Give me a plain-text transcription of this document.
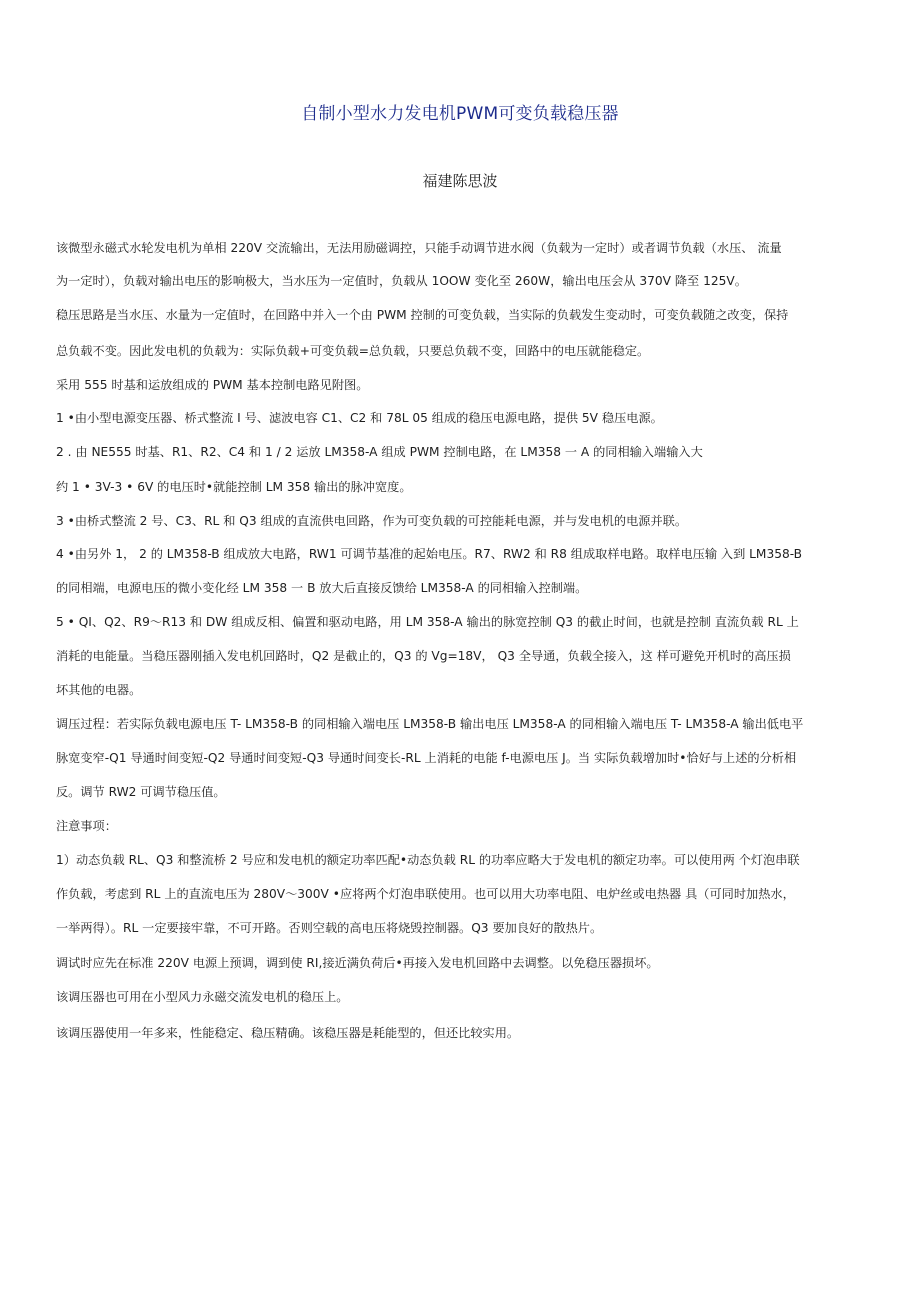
自制小型水力发电机PWM可变负载稳压器
福建陈思波
该微型永磁式水轮发电机为单相 220V 交流输出，无法用励磁调控，只能手动调节进水阀（负载为一定时）或者调节负载（水压、 流量
为一定时），负载对输出电压的影响极大，当水压为一定值时，负载从 1OOW 变化至 260W，输出电压会从 370V 降至 125V。
稳压思路是当水压、水量为一定值时，在回路中并入一个由 PWM 控制的可变负载，当实际的负载发生变动时，可变负载随之改变，保持
总负载不变。因此发电机的负载为：实际负载+可变负载=总负载，只要总负载不变，回路中的电压就能稳定。
采用 555 时基和运放组成的 PWM 基本控制电路见附图。
1 •由小型电源变压器、桥式整流 I 号、滤波电容 C1、C2 和 78L 05 组成的稳压电源电路，提供 5V 稳压电源。
2 . 由 NE555 时基、R1、R2、C4 和 1 / 2 运放 LM358-A 组成 PWM 控制电路，在 LM358 一 A 的同相输入端输入大
约 1 • 3V-3 • 6V 的电压时•就能控制 LM 358 输出的脉冲宽度。
3 •由桥式整流 2 号、C3、RL 和 Q3 组成的直流供电回路，作为可变负载的可控能耗电源，并与发电机的电源并联。
4 •由另外 1， 2 的 LM358-B 组成放大电路，RW1 可调节基准的起始电压。R7、RW2 和 R8 组成取样电路。取样电压输 入到 LM358-B
的同相端，电源电压的微小变化经 LM 358 一 B 放大后直接反馈给 LM358-A 的同相输入控制端。
5 • QI、Q2、R9～R13 和 DW 组成反相、偏置和驱动电路，用 LM 358-A 输出的脉宽控制 Q3 的截止时间，也就是控制 直流负载 RL 上
消耗的电能量。当稳压器刚插入发电机回路时，Q2 是截止的，Q3 的 Vg=18V， Q3 全导通，负载全接入，这 样可避免开机时的高压损
坏其他的电器。
调压过程：若实际负载电源电压 T- LM358-B 的同相输入端电压 LM358-B 输出电压 LM358-A 的同相输入端电压 T- LM358-A 输出低电平
脉宽变窄-Q1 导通时间变短-Q2 导通时间变短-Q3 导通时间变长-RL 上消耗的电能 f-电源电压 J。当 实际负载增加时•恰好与上述的分析相
反。调节 RW2 可调节稳压值。
注意事项：
1）动态负载 RL、Q3 和整流桥 2 号应和发电机的额定功率匹配•动态负载 RL 的功率应略大于发电机的额定功率。可以使用两 个灯泡串联
作负载，考虑到 RL 上的直流电压为 280V～300V •应将两个灯泡串联使用。也可以用大功率电阻、电炉丝或电热器 具（可同时加热水，
一举两得）。RL 一定要接牢靠，不可开路。否则空载的高电压将烧毁控制器。Q3 要加良好的散热片。
调试时应先在标准 220V 电源上预调，调到使 RI,接近满负荷后•再接入发电机回路中去调整。以免稳压器损坏。
该调压器也可用在小型风力永磁交流发电机的稳压上。
该调压器使用一年多来，性能稳定、稳压精确。该稳压器是耗能型的，但还比较实用。
